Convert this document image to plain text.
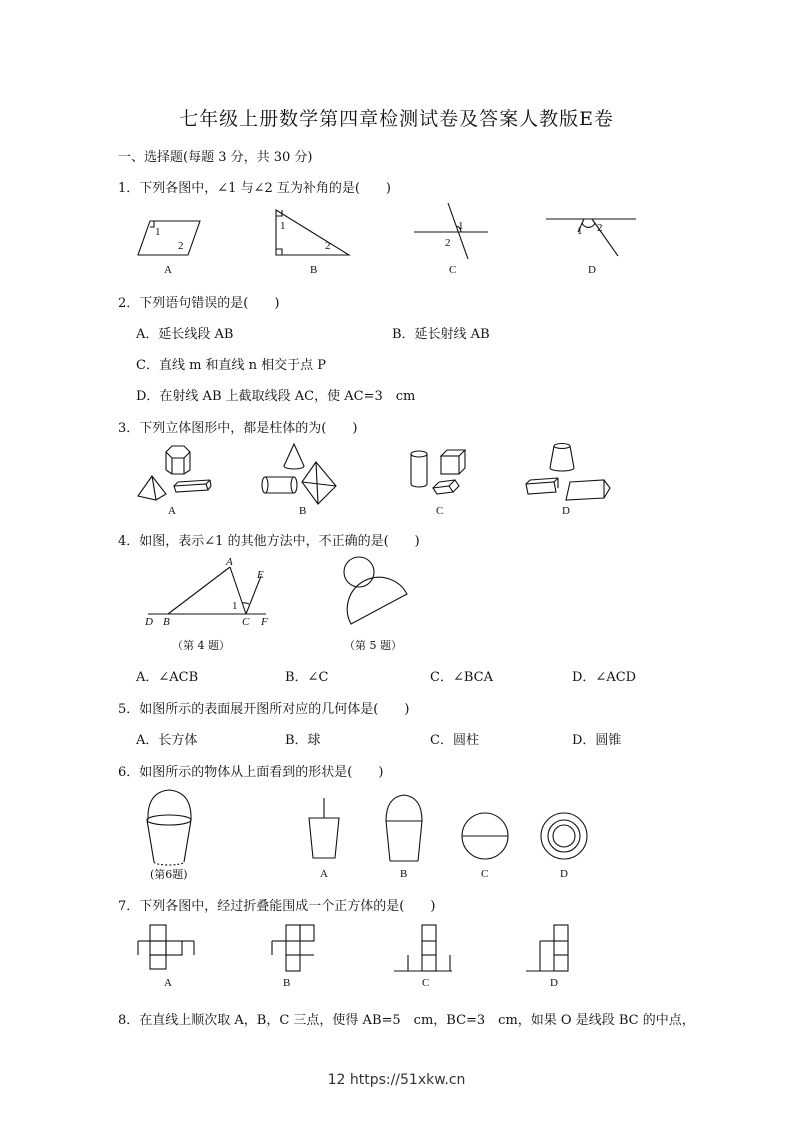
七年级上册数学第四章检测试卷及答案人教版E卷
一、选择题(每题 3 分，共 30 分)
1．下列各图中，∠1 与∠2 互为补角的是(　　)
1
2
A
1
2
B
1
2
C
1 2
D
2．下列语句错误的是(　　)
A．延长线段 AB	B．延长射线 AB
C．直线 m 和直线 n 相交于点 P
D．在射线 AB 上截取线段 AC，使 AC=3　cm
3．下列立体图形中，都是柱体的为(　　)
A	B	C	D
4．如图，表示∠1 的其他方法中，不正确的是(　　)
A
E
1
D B	C F
（第 4 题）	（第 5 题）
A．∠ACB	B．∠C	C．∠BCA	D．∠ACD
5．如图所示的表面展开图所对应的几何体是(　　)
A．长方体	B．球	C．圆柱	D．圆锥
6．如图所示的物体从上面看到的形状是(　　)
(第6题)	A	B	C	D
7．下列各图中，经过折叠能围成一个正方体的是(　　)
A	B	C	D
8．在直线上顺次取 A，B，C 三点，使得 AB=5　cm，BC=3　cm，如果 O 是线段 BC 的中点，
12 https://51xkw.cn
